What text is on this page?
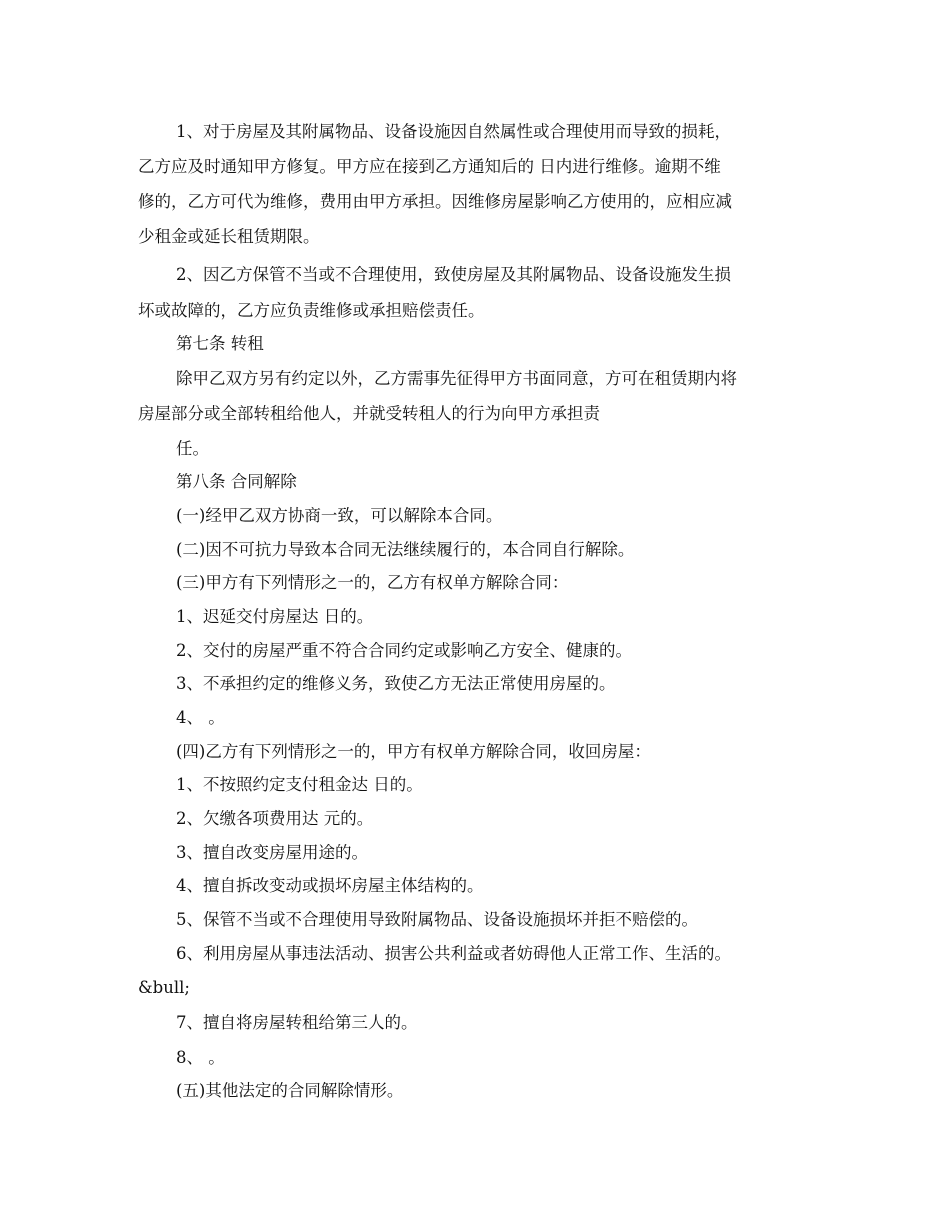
1、对于房屋及其附属物品、设备设施因自然属性或合理使用而导致的损耗，
乙方应及时通知甲方修复。甲方应在接到乙方通知后的 日内进行维修。逾期不维
修的，乙方可代为维修，费用由甲方承担。因维修房屋影响乙方使用的，应相应减
少租金或延长租赁期限。
2、因乙方保管不当或不合理使用，致使房屋及其附属物品、设备设施发生损
坏或故障的，乙方应负责维修或承担赔偿责任。
第七条 转租
除甲乙双方另有约定以外，乙方需事先征得甲方书面同意，方可在租赁期内将
房屋部分或全部转租给他人，并就受转租人的行为向甲方承担责
任。
第八条 合同解除
(一)经甲乙双方协商一致，可以解除本合同。
(二)因不可抗力导致本合同无法继续履行的，本合同自行解除。
(三)甲方有下列情形之一的，乙方有权单方解除合同：
1、迟延交付房屋达 日的。
2、交付的房屋严重不符合合同约定或影响乙方安全、健康的。
3、不承担约定的维修义务，致使乙方无法正常使用房屋的。
4、 。
(四)乙方有下列情形之一的，甲方有权单方解除合同，收回房屋：
1、不按照约定支付租金达 日的。
2、欠缴各项费用达 元的。
3、擅自改变房屋用途的。
4、擅自拆改变动或损坏房屋主体结构的。
5、保管不当或不合理使用导致附属物品、设备设施损坏并拒不赔偿的。
6、利用房屋从事违法活动、损害公共利益或者妨碍他人正常工作、生活的。
&bull;
7、擅自将房屋转租给第三人的。
8、 。
(五)其他法定的合同解除情形。
